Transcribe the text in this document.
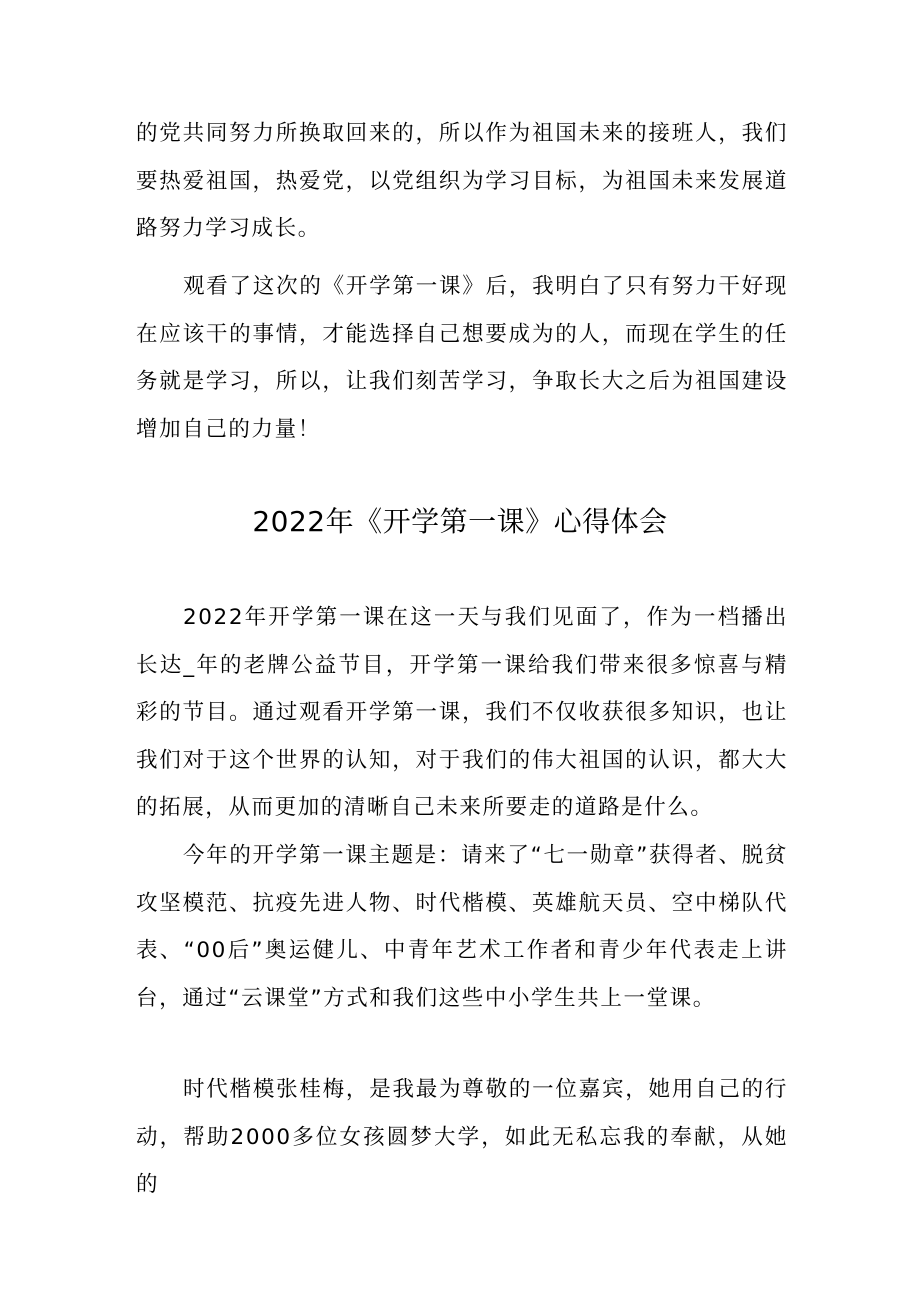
的党共同努力所换取回来的，所以作为祖国未来的接班人，我们要热爱祖国，热爱党，以党组织为学习目标，为祖国未来发展道路努力学习成长。

观看了这次的《开学第一课》后，我明白了只有努力干好现在应该干的事情，才能选择自己想要成为的人，而现在学生的任务就是学习，所以，让我们刻苦学习，争取长大之后为祖国建设增加自己的力量！

2022年开学第一课在这一天与我们见面了，作为一档播出长达_年的老牌公益节目，开学第一课给我们带来很多惊喜与精彩的节目。通过观看开学第一课，我们不仅收获很多知识，也让我们对于这个世界的认知，对于我们的伟大祖国的认识，都大大的拓展，从而更加的清晰自己未来所要走的道路是什么。

今年的开学第一课主题是：请来了“七一勋章”获得者、脱贫攻坚模范、抗疫先进人物、时代楷模、英雄航天员、空中梯队代表、“00后”奥运健儿、中青年艺术工作者和青少年代表走上讲台，通过“云课堂”方式和我们这些中小学生共上一堂课。

时代楷模张桂梅，是我最为尊敬的一位嘉宾，她用自己的行动，帮助2000多位女孩圆梦大学，如此无私忘我的奉献，从她的

2022年《开学第一课》心得体会
